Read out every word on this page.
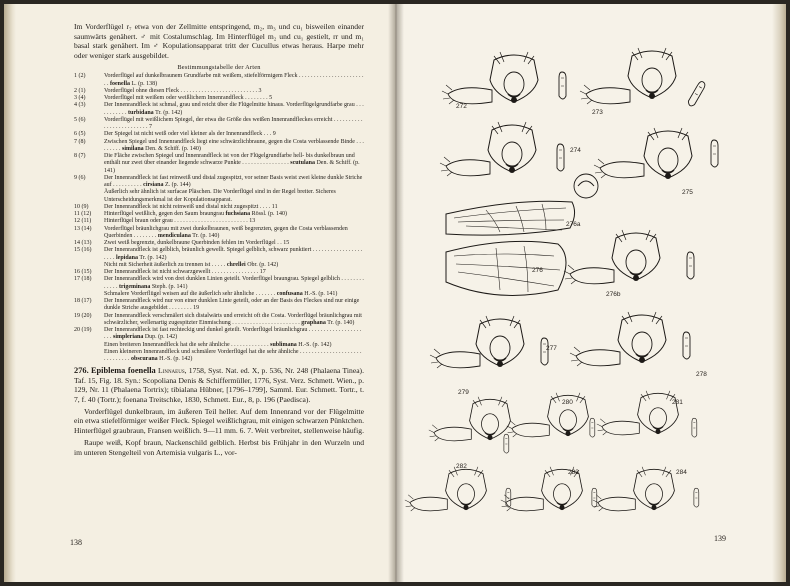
Im Vorderflügel r₇ etwa von der Zellmitte entspringend, m₂, m₃ und cu₁ bisweilen einander saumwärts genähert. ♂ mit Costalumschlag. Im Hinterflügel m₂ und cu₁ gestielt, rr und m₁ basal stark genähert. Im ♂ Kopulationsapparat tritt der Cucullus etwas heraus. Harpe mehr oder weniger stark ausgebildet.

Bestimmungstabelle der Arten
1 (2)	Vorderflügel auf dunkelbraunem Grundfarbe mit weißem, stiefelförmigem Fleck . . . . . . . . . . . . . . . . . . . . . . . . foenella L. (p. 138)
2 (1)	Vorderflügel ohne diesen Fleck . . . . . . . . . . . . . . . . . . . . . . . . . . 3
3 (4)	Vorderflügel mit weißem oder weißlichem Innenrandfleck . . . . . . . . 5
4 (3)	Der Innenrandfleck ist schmal, grau und reicht über die Flügelmitte hinaus. Vorderflügelgrundfarbe grau . . . . . . . . . . . turbidana Tr. (p. 142)
5 (6)	Vorderflügel mit weißlichem Spiegel, der etwa die Größe des weißen Innenrandfleckes erreicht . . . . . . . . . . . . . . . . . . . . . . . . . 7
6 (5)	Der Spiegel ist nicht weiß oder viel kleiner als der Innenrandfleck . . . 9
7 (8)	Zwischen Spiegel und Innenrandfleck liegt eine schwärzlichbraune, gegen die Costa verblassende Binde . . . . . . . . . similana Den. & Schiff. (p. 140)
8 (7)	Die Fläche zwischen Spiegel und Innenrandfleck ist von der Flügelgrundfarbe hell- bis dunkelbraun und enthält nur zwei über einander liegende schwarze Punkte . . . . . . . . . . . . . . . . scutulana Den. & Schiff. (p. 141)
9 (6)	Der Innenrandfleck ist fast reinweiß und distal zugespitzt, vor seiner Basis weist zwei kleine dunkle Striche auf . . . . . . . . . . cirsiana Z. (p. 144)
Äußerlich sehr ähnlich ist surfacae Pläschen. Die Vorderflügel sind in der Regel breiter. Sicheres Unterscheidungsmerkmal ist der Kopulationsapparat.
10 (9)	Der Innenrandfleck ist nicht reinweiß und distal nicht zugespitzt . . . . 11
11 (12)	Hinterflügel weißlich, gegen den Saum braungrau fuchsiana Rössl. (p. 140)
12 (11)	Hinterflügel braun oder grau . . . . . . . . . . . . . . . . . . . . . . . . . 13
13 (14)	Vorderflügel bräunlichgrau mit zwei dunkelbraunen, weiß begrenzten, gegen die Costa verblassenden Querbinden . . . . . . . . mendiculana Tr. (p. 140)
14 (13)	Zwei weiß begrenzte, dunkelbraune Querbinden fehlen im Vorderflügel . . 15
15 (16)	Der Innenrandfleck ist gelblich, bräunlich gewellt. Spiegel gelblich, schwarz punktiert . . . . . . . . . . . . . . . . . . . . . lepidana Tr. (p. 142)
Nicht mit Sicherheit äußerlich zu trennen ist . . . . . chrellei Obr. (p. 142)
16 (15)	Der Innenrandfleck ist nicht schwarzgewellt . . . . . . . . . . . . . . . . 17
17 (18)	Der Innenrandfleck wird von drei dunklen Linien geteilt. Vorderflügel braungrau. Spiegel gelblich . . . . . . . . . . . . . trigeminana Steph. (p. 141)
Schmalere Vorderflügel weisen auf die äußerlich sehr ähnliche . . . . . . . confusana H.-S. (p. 141)
18 (17)	Der Innenrandfleck wird nur von einer dunklen Linie geteilt, oder an der Basis des Fleckes sind nur einige dunkle Striche ausgebildet . . . . . . . . 19
19 (20)	Der Innenrandfleck verschmälert sich distalwärts und erreicht oft die Costa. Vorderflügel bräunlichgrau mit schwärzlicher, wellenartig zugespitzter Einmischung . . . . . . . . . . . . . . . . . . . . . . . graphana Tr. (p. 140)
20 (19)	Der Innenrandfleck ist fast rechteckig und dunkel geteilt. Vorderflügel bräunlichgrau . . . . . . . . . . . . . . . . . . . . . simpleriana Dup. (p. 142)
Einen breiteren Innenrandfleck hat die sehr ähnliche . . . . . . . . . . . . . sublimana H.-S. (p. 142)
Einen kleineren Innenrandfleck und schmälere Vorderflügel hat die sehr ähnliche . . . . . . . . . . . . . . . . . . . . . . . . . . . . . . obscurana H.-S. (p. 142)

276. Epiblema foenella Linnaeus, 1758, Syst. Nat. ed. X, p. 536, Nr. 248 (Phalaena Tinea). Taf. 15, Fig. 18. Syn.: Scopoliana Denis & Schiffermüller, 1776, Syst. Verz. Schmett. Wien., p. 129, Nr. 11 (Phalaena Tortrix); tibialana Hübner, [1796–1799], Samml. Eur. Schmett. Tortr., t. 7, f. 40 (Tortr.); foenana Treitschke, 1830, Schmett. Eur., 8, p. 196 (Paedisca).

Vorderflügel dunkelbraun, im äußeren Teil heller. Auf dem Innenrand vor der Flügelmitte ein etwa stiefelförmiger weißer Fleck. Spiegel weißlichgrau, mit einigen schwarzen Pünktchen. Hinterflügel graubraun, Fransen weißlich. 9—11 mm. 6. 7. Weit verbreitet, stellenweise häufig.

Raupe weiß, Kopf braun, Nackenschild gelblich. Herbst bis Frühjahr in den Wurzeln und im unteren Stengelteil von Artemisia vulgaris L., vor-

138
272
273
274
275
276a
276
276b
277
278
279
280	281
282
283	284
139
